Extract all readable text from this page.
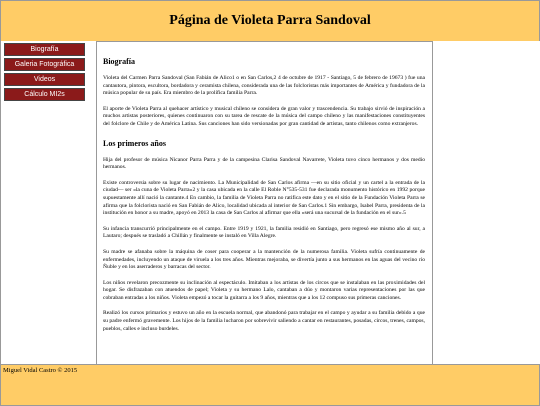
Página de Violeta Parra Sandoval
Biografía
Galeria Fotográfica
Videos
Cálculo MI2s
Biografía

Violeta del Carmen Parra Sandoval (San Fabián de Alico1 o en San Carlos,2 4 de octubre de 1917 - Santiago, 5 de febrero de 19673 ) fue una cantautora, pintora, escultora, bordadora y ceramista chilena, considerada una de las folcloristas más importantes de América y fundadora de la música popular de su país. Era miembro de la prolífica familia Parra.

El aporte de Violeta Parra al quehacer artístico y musical chileno se considera de gran valor y trascendencia. Su trabajo sirvió de inspiración a muchos artistas posteriores, quienes continuaron con su tarea de rescate de la música del campo chileno y las manifestaciones constituyentes del folclore de Chile y de América Latina. Sus canciones han sido versionadas por gran cantidad de artistas, tanto chilenos como extranjeros.

Los primeros años

Hija del profesor de música Nicanor Parra Parra y de la campesina Clarisa Sandoval Navarrete, Violeta tuvo cinco hermanos y dos medio hermanos.

Existe controversia sobre su lugar de nacimiento. La Municipalidad de San Carlos afirma —en su sitio oficial y un cartel a la entrada de la ciudad— ser «la cuna de Violeta Parra»2 y la casa ubicada en la calle El Roble N°535-531 fue declarada monumento histórico en 1992 porque supuestamente allí nació la cantante.4 En cambio, la familia de Violeta Parra no ratifica este dato y en el sitio de la Fundación Violeta Parra se afirma que la folclorista nació en San Fabián de Alico, localidad ubicada al interior de San Carlos.1 Sin embargo, Isabel Parra, presidenta de la institución en honor a su madre, apoyó en 2013 la casa de San Carlos al afirmar que ella «será una sucursal de la fundación en el sur».5

Su infancia transcurrió principalmente en el campo. Entre 1919 y 1921, la familia residió en Santiago, pero regresó ese mismo año al sur, a Lautaro; después se trasladó a Chillán y finalmente se instaló en Villa Alegre.

Su madre se afanaba sobre la máquina de coser para cooperar a la mantención de la numerosa familia. Violeta sufría continuamente de enfermedades, incluyendo un ataque de viruela a los tres años. Mientras mejoraba, se divertía junto a sus hermanos en las aguas del vecino río Ñuble y en los aserraderos y barracas del sector.

Los niños revelaron precozmente su inclinación al espectáculo. Imitaban a los artistas de los circos que se instalaban en las proximidades del hogar. Se disfrazaban con atuendos de papel; Violeta y su hermano Lalo, cantaban a dúo y montaron varias representaciones por las que cobraban entradas a los niños. Violeta empezó a tocar la guitarra a los 9 años, mientras que a los 12 compuso sus primeras canciones.

Realizó los cursos primarios y estuvo un año en la escuela normal, que abandonó para trabajar en el campo y ayudar a su familia debido a que su padre enfermó gravemente. Los hijos de la familia lucharon por sobrevivir saliendo a cantar en restaurantes, posadas, circos, trenes, campos, pueblos, calles e incluso burdeles.

Miguel Vidal Castro © 2015
